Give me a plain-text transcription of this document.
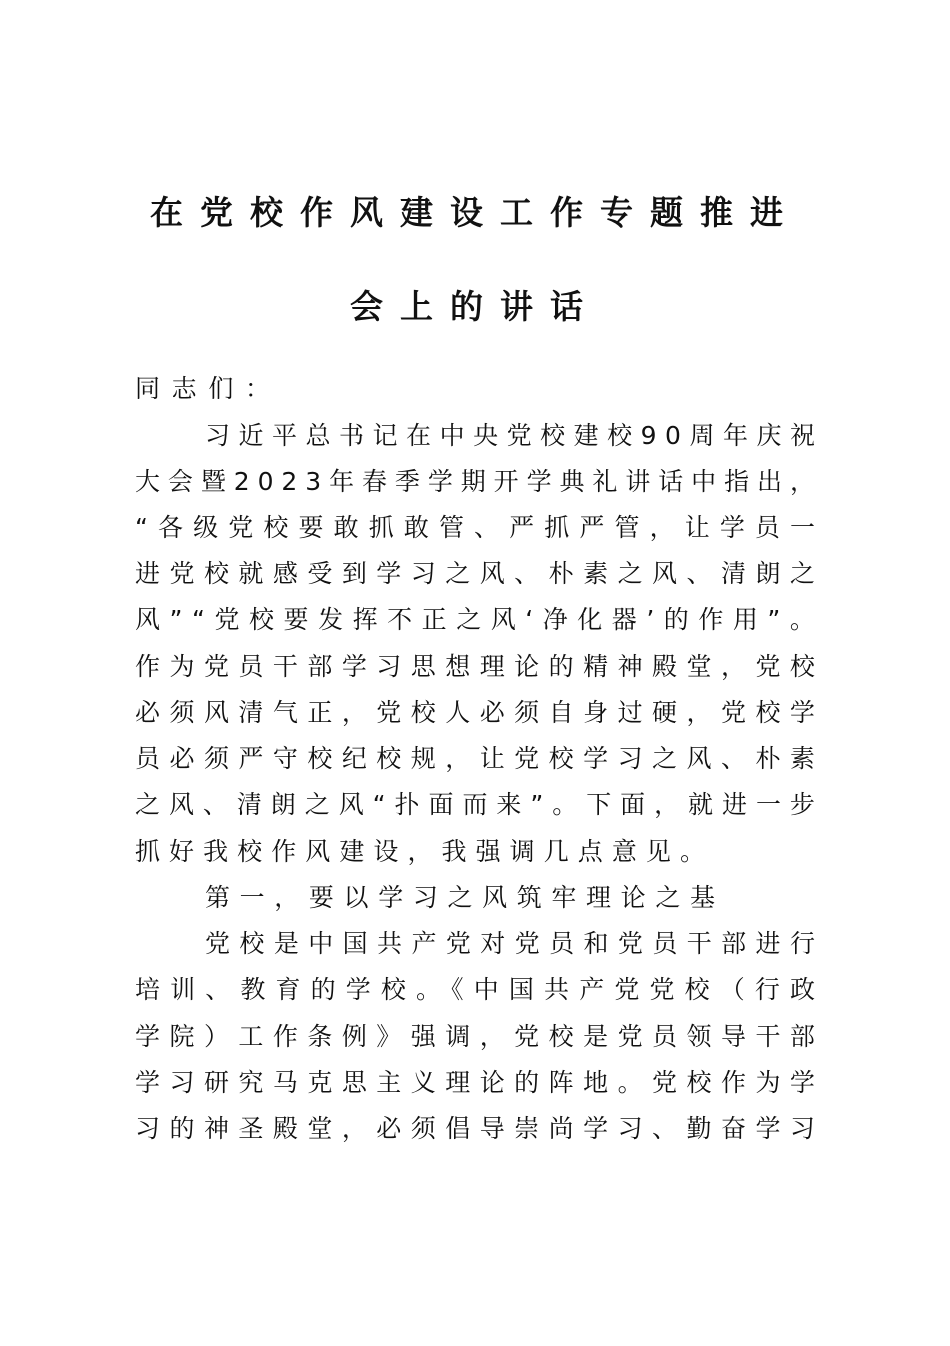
在党校作风建设工作专题推进
会上的讲话
同志们：
习近平总书记在中央党校建校90周年庆祝
大会暨2023年春季学期开学典礼讲话中指出，
“各级党校要敢抓敢管、严抓严管，让学员一
进党校就感受到学习之风、朴素之风、清朗之
风”“党校要发挥不正之风‘净化器’的作用”。
作为党员干部学习思想理论的精神殿堂，党校
必须风清气正，党校人必须自身过硬，党校学
员必须严守校纪校规，让党校学习之风、朴素
之风、清朗之风“扑面而来”。下面，就进一步
抓好我校作风建设，我强调几点意见。
第一，要以学习之风筑牢理论之基
党校是中国共产党对党员和党员干部进行
培训、教育的学校。《中国共产党党校（行政
学院）工作条例》强调，党校是党员领导干部
学习研究马克思主义理论的阵地。党校作为学
习的神圣殿堂，必须倡导崇尚学习、勤奋学习
